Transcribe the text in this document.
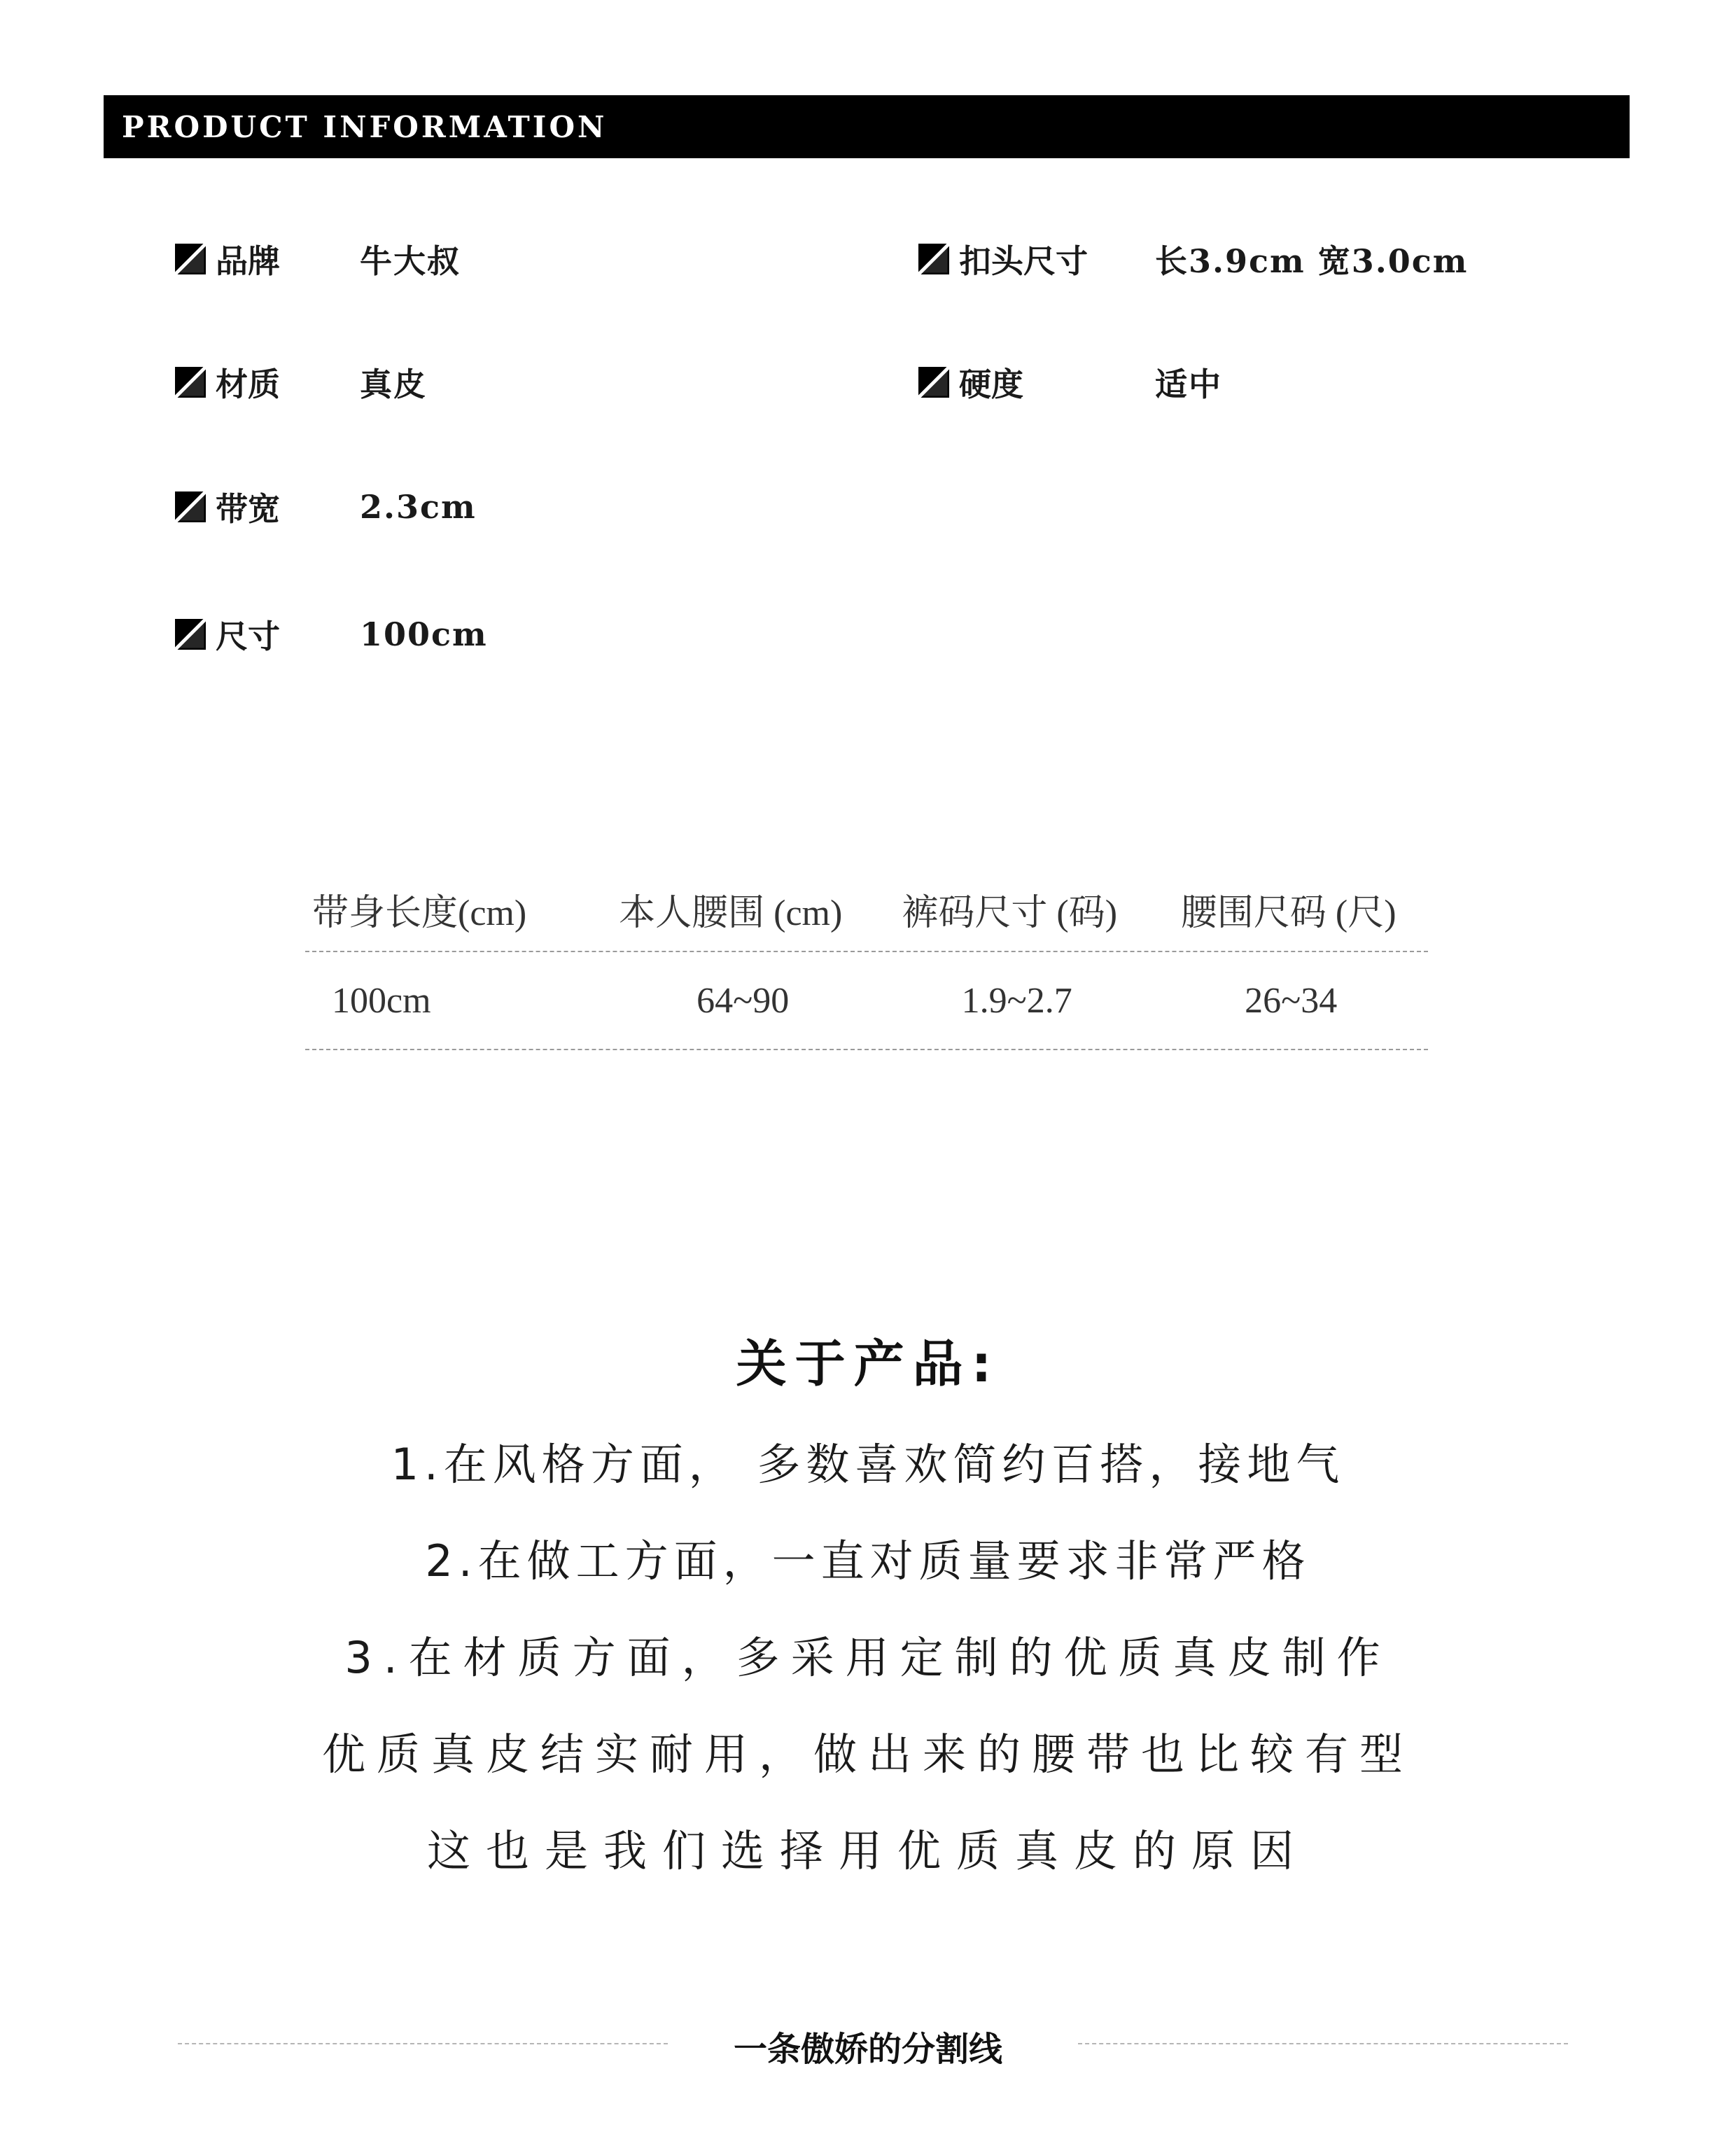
PRODUCT INFORMATION
品牌	牛大叔
材质	真皮
带宽	2.3cm
尺寸	100cm
扣头尺寸	长3.9cm 宽3.0cm
硬度	适中
带身长度(cm)	本人腰围 (cm)	裤码尺寸 (码)	腰围尺码 (尺)
100cm	64~90	1.9~2.7	26~34
关于产品:
1.在风格方面， 多数喜欢简约百搭，接地气
2.在做工方面，一直对质量要求非常严格
3.在材质方面，多采用定制的优质真皮制作
优质真皮结实耐用，做出来的腰带也比较有型
这也是我们选择用优质真皮的原因
一条傲娇的分割线
